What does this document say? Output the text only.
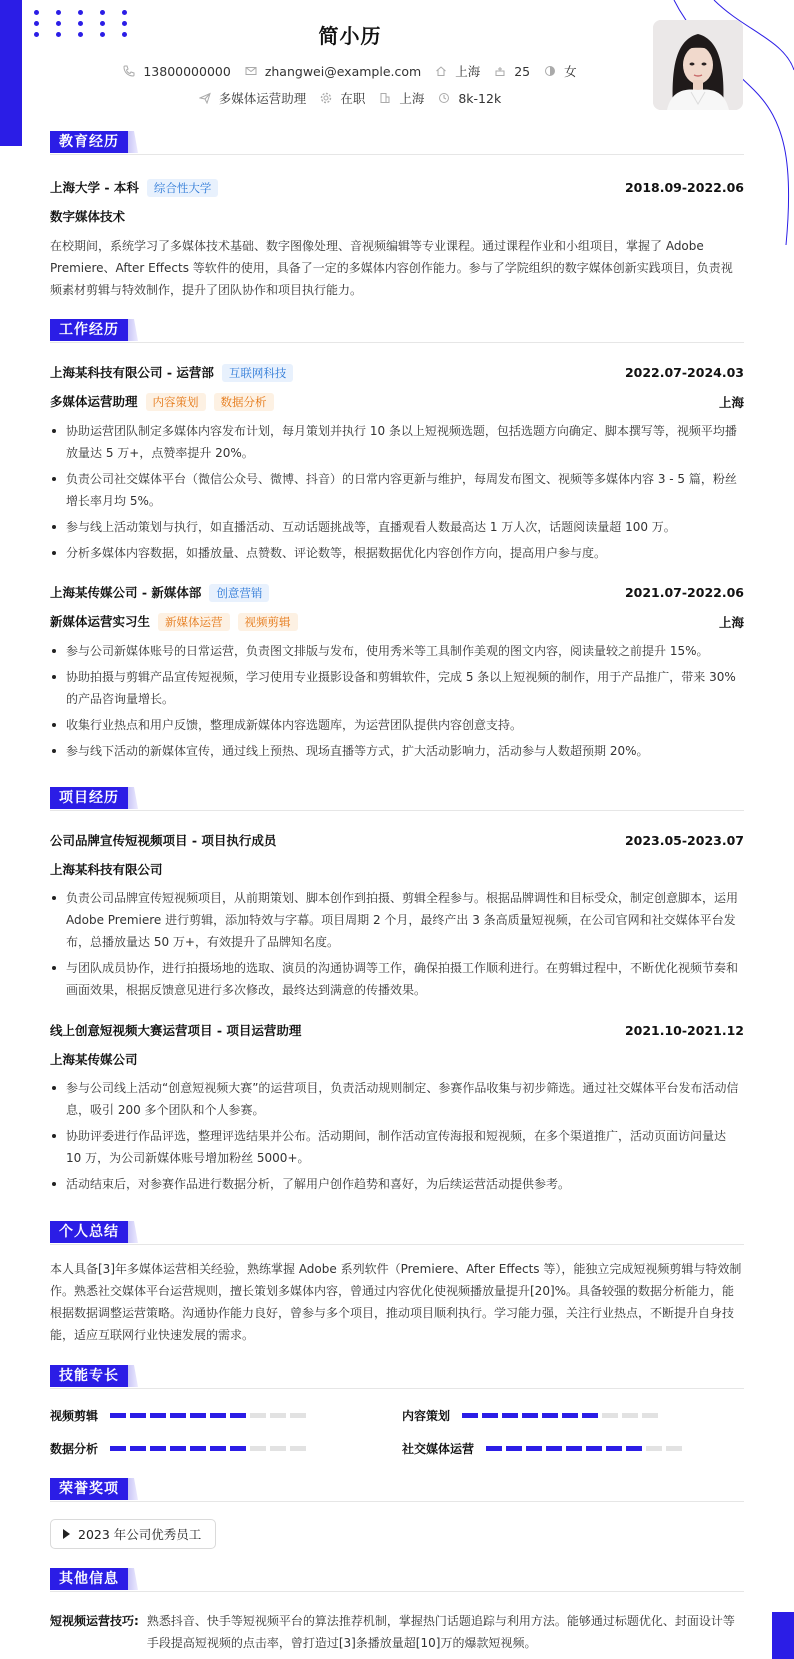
简小历
13800000000	zhangwei@example.com	上海	25	女
多媒体运营助理	在职	上海	8k-12k
教育经历
上海大学 - 本科 综合性大学	2018.09-2022.06
数字媒体技术
在校期间，系统学习了多媒体技术基础、数字图像处理、音视频编辑等专业课程。通过课程作业和小组项目，掌握了 Adobe Premiere、After Effects 等软件的使用，具备了一定的多媒体内容创作能力。参与了学院组织的数字媒体创新实践项目，负责视频素材剪辑与特效制作，提升了团队协作和项目执行能力。
工作经历
上海某科技有限公司 - 运营部 互联网科技	2022.07-2024.03
多媒体运营助理 内容策划 数据分析	上海
协助运营团队制定多媒体内容发布计划，每月策划并执行 10 条以上短视频选题，包括选题方向确定、脚本撰写等，视频平均播放量达 5 万+，点赞率提升 20%。
负责公司社交媒体平台（微信公众号、微博、抖音）的日常内容更新与维护，每周发布图文、视频等多媒体内容 3 - 5 篇，粉丝增长率月均 5%。
参与线上活动策划与执行，如直播活动、互动话题挑战等，直播观看人数最高达 1 万人次，话题阅读量超 100 万。
分析多媒体内容数据，如播放量、点赞数、评论数等，根据数据优化内容创作方向，提高用户参与度。
上海某传媒公司 - 新媒体部 创意营销	2021.07-2022.06
新媒体运营实习生 新媒体运营 视频剪辑	上海
参与公司新媒体账号的日常运营，负责图文排版与发布，使用秀米等工具制作美观的图文内容，阅读量较之前提升 15%。
协助拍摄与剪辑产品宣传短视频，学习使用专业摄影设备和剪辑软件，完成 5 条以上短视频的制作，用于产品推广，带来 30% 的产品咨询量增长。
收集行业热点和用户反馈，整理成新媒体内容选题库，为运营团队提供内容创意支持。
参与线下活动的新媒体宣传，通过线上预热、现场直播等方式，扩大活动影响力，活动参与人数超预期 20%。
项目经历
公司品牌宣传短视频项目 - 项目执行成员	2023.05-2023.07
上海某科技有限公司
负责公司品牌宣传短视频项目，从前期策划、脚本创作到拍摄、剪辑全程参与。根据品牌调性和目标受众，制定创意脚本，运用 Adobe Premiere 进行剪辑，添加特效与字幕。项目周期 2 个月，最终产出 3 条高质量短视频，在公司官网和社交媒体平台发布，总播放量达 50 万+，有效提升了品牌知名度。
与团队成员协作，进行拍摄场地的选取、演员的沟通协调等工作，确保拍摄工作顺利进行。在剪辑过程中，不断优化视频节奏和画面效果，根据反馈意见进行多次修改，最终达到满意的传播效果。
线上创意短视频大赛运营项目 - 项目运营助理	2021.10-2021.12
上海某传媒公司
参与公司线上活动“创意短视频大赛”的运营项目，负责活动规则制定、参赛作品收集与初步筛选。通过社交媒体平台发布活动信息，吸引 200 多个团队和个人参赛。
协助评委进行作品评选，整理评选结果并公布。活动期间，制作活动宣传海报和短视频，在多个渠道推广，活动页面访问量达 10 万，为公司新媒体账号增加粉丝 5000+。
活动结束后，对参赛作品进行数据分析，了解用户创作趋势和喜好，为后续运营活动提供参考。
个人总结
本人具备[3]年多媒体运营相关经验，熟练掌握 Adobe 系列软件（Premiere、After Effects 等），能独立完成短视频剪辑与特效制作。熟悉社交媒体平台运营规则，擅长策划多媒体内容，曾通过内容优化使视频播放量提升[20]%。具备较强的数据分析能力，能根据数据调整运营策略。沟通协作能力良好，曾参与多个项目，推动项目顺利执行。学习能力强，关注行业热点，不断提升自身技能，适应互联网行业快速发展的需求。
技能专长
视频剪辑	内容策划
数据分析	社交媒体运营
荣誉奖项
2023 年公司优秀员工
其他信息
短视频运营技巧: 熟悉抖音、快手等短视频平台的算法推荐机制，掌握热门话题追踪与利用方法。能够通过标题优化、封面设计等手段提高短视频的点击率，曾打造过[3]条播放量超[10]万的爆款短视频。
